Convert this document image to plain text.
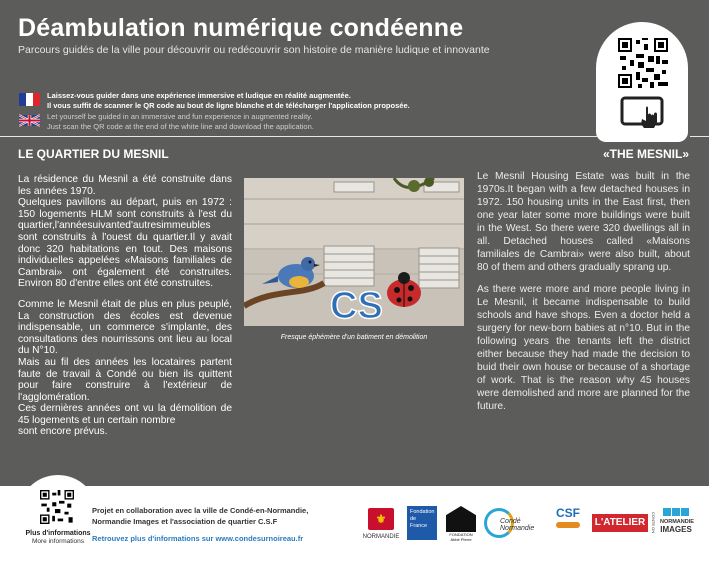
Déambulation numérique condéenne
Parcours guidés de la ville pour découvrir ou redécouvrir son histoire de manière ludique et innovante
Laissez-vous guider dans une expérience immersive et ludique en réalité augmentée.
Il vous suffit de scanner le QR code au bout de ligne blanche et de télécharger l'application proposée.
Let yourself be guided in an immersive and fun experience in augmented reality.
Just scan the QR code at the end of the white line and download the application.
LE QUARTIER DU MESNIL	«THE MESNIL»

La résidence du Mesnil a été construite dans les années 1970.
Quelques pavillons au départ, puis en 1972 : 150 logements HLM sont construits à l'est du quartier,l'annéesuivanted'autresimmeubles sont construits à l'ouest du quartier.Il y avait donc 320 habitations en tout. Des maisons individuelles appelées «Maisons familiales de Cambrai» ont également été construites. Environ 80 d'entre elles ont été construites.

Comme le Mesnil était de plus en plus peuplé, La construction des écoles est devenue indispensable, un commerce s'implante, des consultations des nourrissons ont lieu au local du N°10.
Mais au fil des années les locataires partent faute de travail à Condé ou bien ils quittent pour faire construire à l'extérieur de l'agglomération.
Ces dernières années ont vu la démolition de 45 logements et un certain nombre
sont encore prévus.

CS
Fresque éphémère d'un batiment en démolition

Le Mesnil Housing Estate was built in the 1970s.It began with a few detached houses in 1972. 150 housing units in the East first, then one year later some more buildings were built in the West. So there were 320 dwellings all in all. Detached houses called «Maisons familiales de Cambrai» were also built, about 80 of them and others gradually sprang up.

As there were more and more people living in Le Mesnil, it became indispensable to build schools and have shops. Even a doctor held a surgery for new-born babies at n°10. But in the following years the tenants left the district either because they had made the decision to buid their own house or because of a shortage of work. That is the reason why 45 houses were demolished and more are planned for the future.

Plus d'informations
More informations
Projet en collaboration avec la ville de Condé-en-Normandie,
Normandie Images et l'association de quartier C.S.F
Retrouvez plus d'informations sur www.condesurnoireau.fr
⚜
NORMANDIE
Fondation de France
FONDATION Abbé Pierre
Condé Normandie
CSF
L'ATELIER	CONTE ON NORMANDIE
IMAGES
